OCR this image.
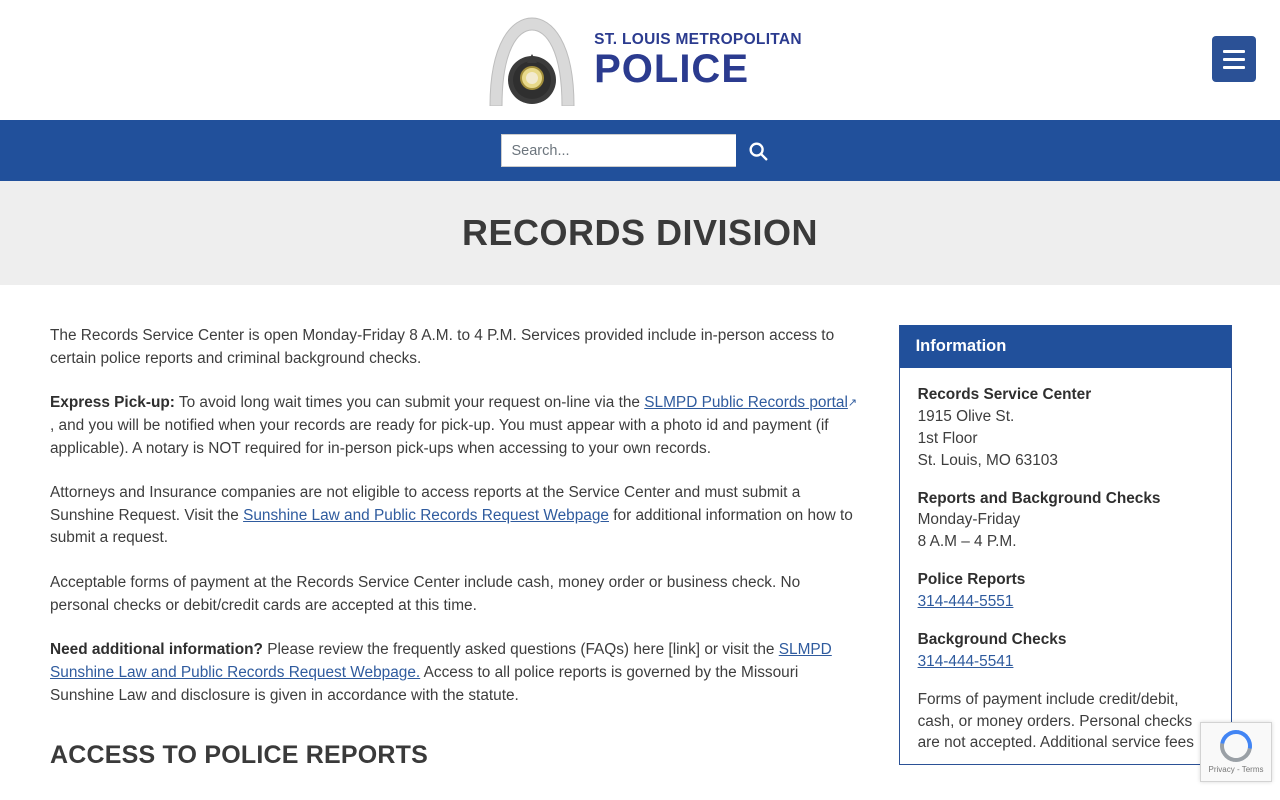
ST. LOUIS METROPOLITAN
POLICE
Search...
RECORDS DIVISION

The Records Service Center is open Monday-Friday 8 A.M. to 4 P.M. Services provided include in-person access to certain police reports and criminal background checks.

Express Pick-up: To avoid long wait times you can submit your request on-line via the SLMPD Public Records portal↗, and you will be notified when your records are ready for pick-up. You must appear with a photo id and payment (if applicable). A notary is NOT required for in-person pick-ups when accessing to your own records.

Attorneys and Insurance companies are not eligible to access reports at the Service Center and must submit a Sunshine Request. Visit the Sunshine Law and Public Records Request Webpage for additional information on how to submit a request.

Acceptable forms of payment at the Records Service Center include cash, money order or business check. No personal checks or debit/credit cards are accepted at this time.

Need additional information? Please review the frequently asked questions (FAQs) here [link] or visit the SLMPD Sunshine Law and Public Records Request Webpage. Access to all police reports is governed by the Missouri Sunshine Law and disclosure is given in accordance with the statute.

ACCESS TO POLICE REPORTS
Information
Records Service Center
1915 Olive St.
1st Floor
St. Louis, MO 63103
Reports and Background Checks
Monday-Friday
8 A.M – 4 P.M.
Police Reports
314-444-5551
Background Checks
314-444-5541
Forms of payment include credit/debit, cash, or money orders. Personal checks are not accepted. Additional service fees
Privacy - Terms
